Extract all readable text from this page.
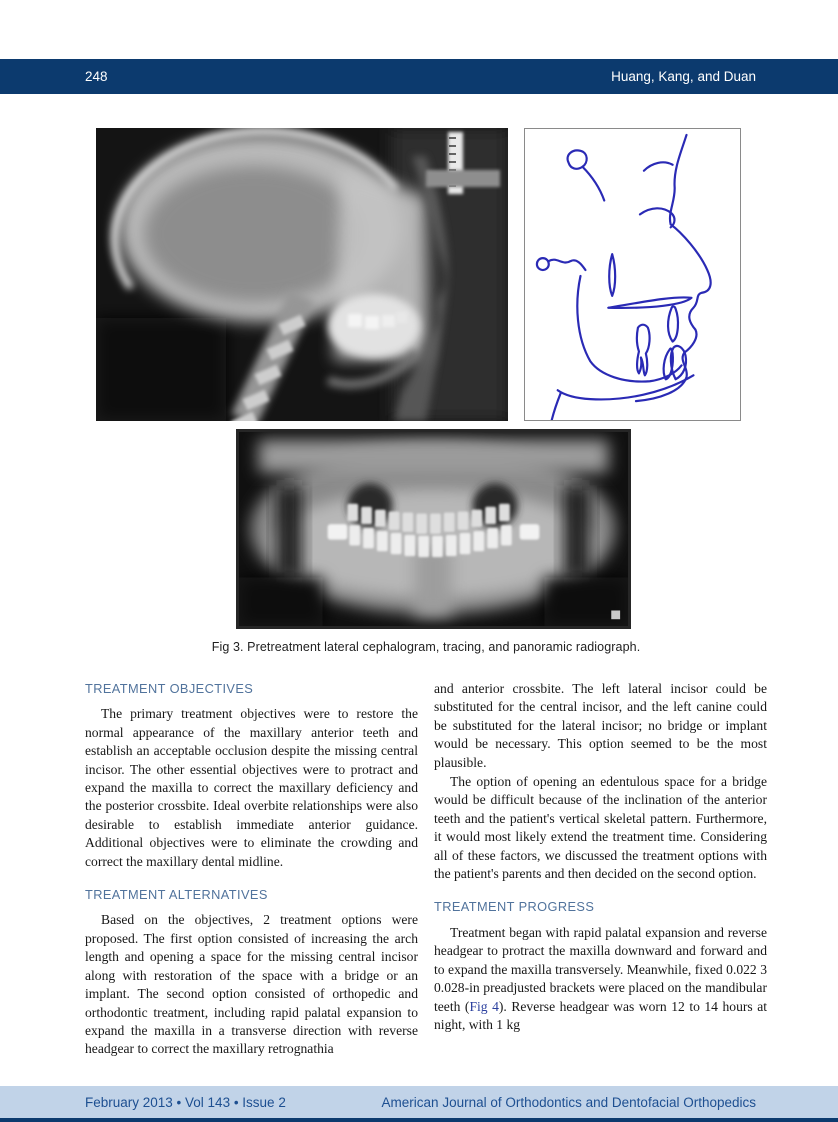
248	Huang, Kang, and Duan
Fig 3. Pretreatment lateral cephalogram, tracing, and panoramic radiograph.
TREATMENT OBJECTIVES

The primary treatment objectives were to restore the normal appearance of the maxillary anterior teeth and establish an acceptable occlusion despite the missing central incisor. The other essential objectives were to protract and expand the maxilla to correct the maxillary deficiency and the posterior crossbite. Ideal overbite relationships were also desirable to establish immediate anterior guidance. Additional objectives were to eliminate the crowding and correct the maxillary dental midline.

TREATMENT ALTERNATIVES

Based on the objectives, 2 treatment options were proposed. The first option consisted of increasing the arch length and opening a space for the missing central incisor along with restoration of the space with a bridge or an implant. The second option consisted of orthopedic and orthodontic treatment, including rapid palatal expansion to expand the maxilla in a transverse direction with reverse headgear to correct the maxillary retrognathia

and anterior crossbite. The left lateral incisor could be substituted for the central incisor, and the left canine could be substituted for the lateral incisor; no bridge or implant would be necessary. This option seemed to be the most plausible.

The option of opening an edentulous space for a bridge would be difficult because of the inclination of the anterior teeth and the patient's vertical skeletal pattern. Furthermore, it would most likely extend the treatment time. Considering all of these factors, we discussed the treatment options with the patient's parents and then decided on the second option.

TREATMENT PROGRESS

Treatment began with rapid palatal expansion and reverse headgear to protract the maxilla downward and forward and to expand the maxilla transversely. Meanwhile, fixed 0.022 3 0.028-in preadjusted brackets were placed on the mandibular teeth (Fig 4). Reverse headgear was worn 12 to 14 hours at night, with 1 kg

February 2013 • Vol 143 • Issue 2	American Journal of Orthodontics and Dentofacial Orthopedics
